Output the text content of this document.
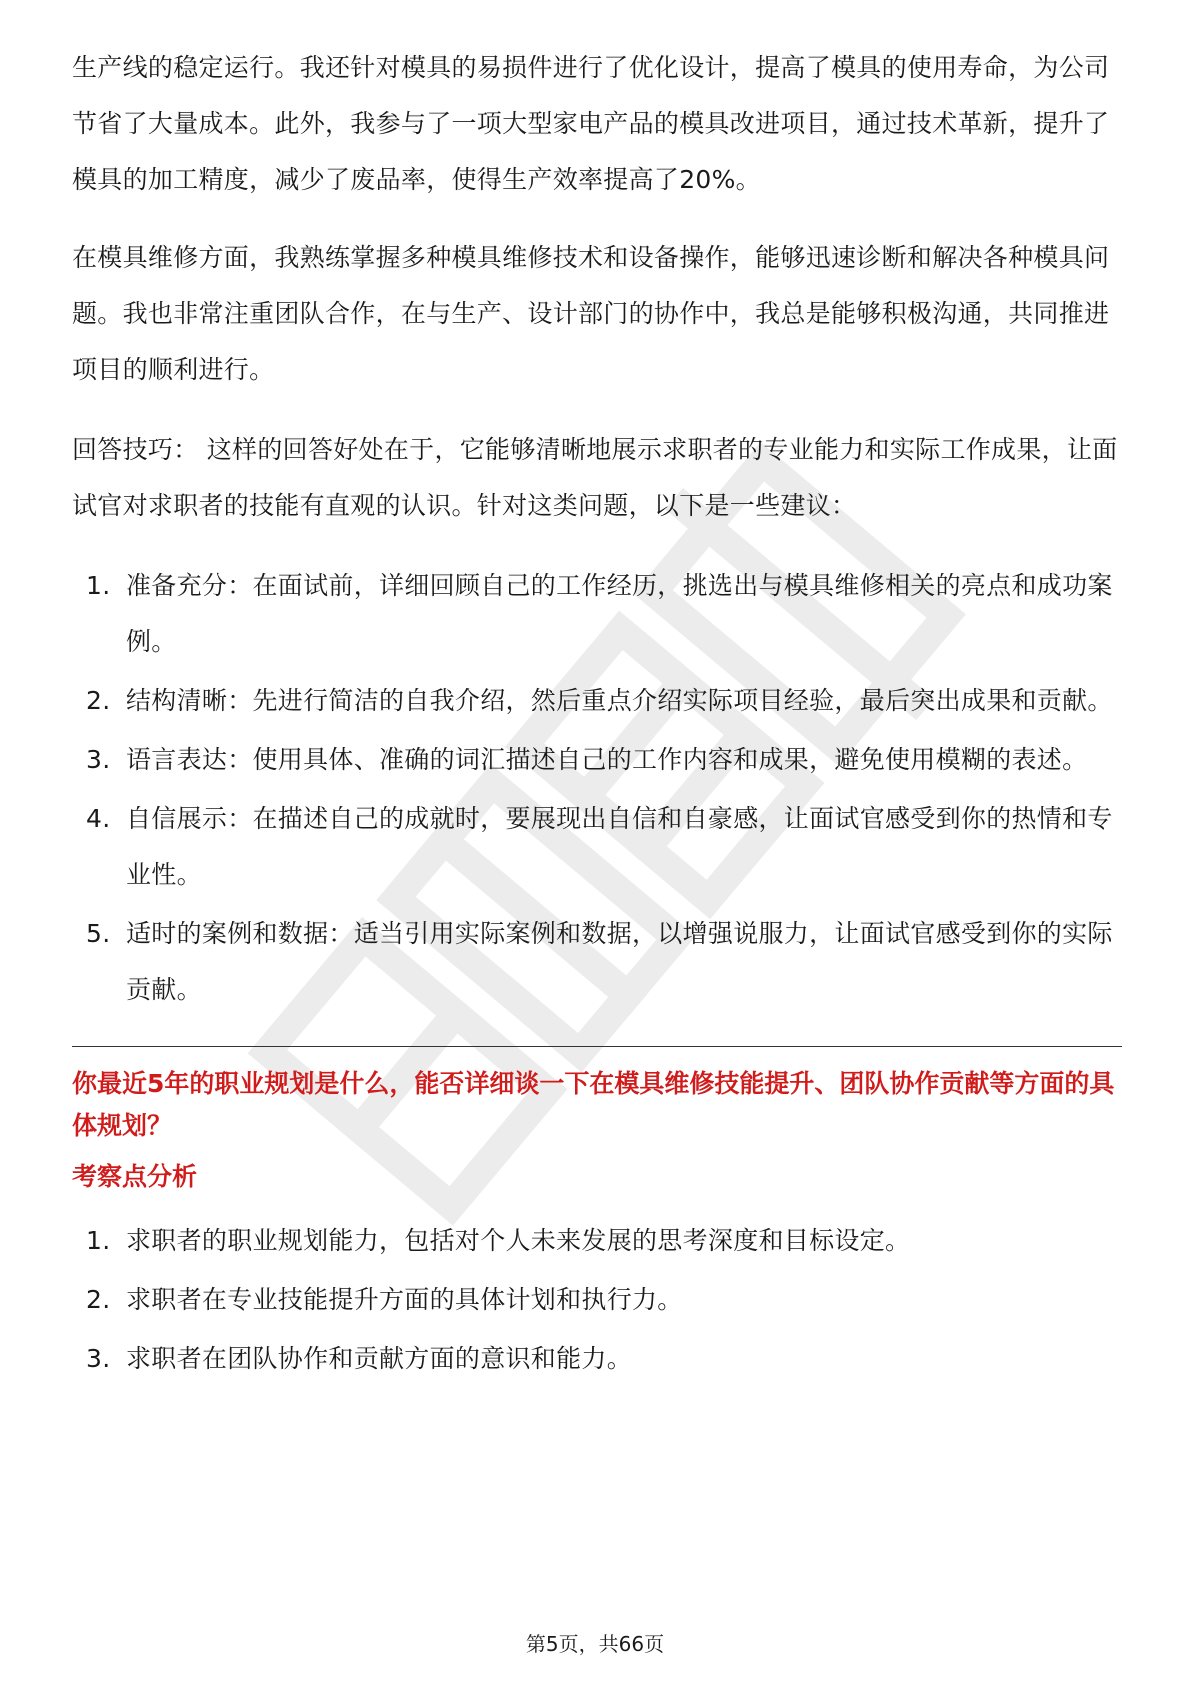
生产线的稳定运行。我还针对模具的易损件进行了优化设计，提高了模具的使用寿命，为公司节省了大量成本。此外，我参与了一项大型家电产品的模具改进项目，通过技术革新，提升了模具的加工精度，减少了废品率，使得生产效率提高了20%。

在模具维修方面，我熟练掌握多种模具维修技术和设备操作，能够迅速诊断和解决各种模具问题。我也非常注重团队合作，在与生产、设计部门的协作中，我总是能够积极沟通，共同推进项目的顺利进行。

回答技巧： 这样的回答好处在于，它能够清晰地展示求职者的专业能力和实际工作成果，让面试官对求职者的技能有直观的认识。针对这类问题，以下是一些建议：

1. 准备充分：在面试前，详细回顾自己的工作经历，挑选出与模具维修相关的亮点和成功案例。
2. 结构清晰：先进行简洁的自我介绍，然后重点介绍实际项目经验，最后突出成果和贡献。
3. 语言表达：使用具体、准确的词汇描述自己的工作内容和成果，避免使用模糊的表述。
4. 自信展示：在描述自己的成就时，要展现出自信和自豪感，让面试官感受到你的热情和专业性。
5. 适时的案例和数据：适当引用实际案例和数据，以增强说服力，让面试官感受到你的实际贡献。

你最近5年的职业规划是什么，能否详细谈一下在模具维修技能提升、团队协作贡献等方面的具体规划？

考察点分析

1. 求职者的职业规划能力，包括对个人未来发展的思考深度和目标设定。
2. 求职者在专业技能提升方面的具体计划和执行力。
3. 求职者在团队协作和贡献方面的意识和能力。
第5页，共66页
